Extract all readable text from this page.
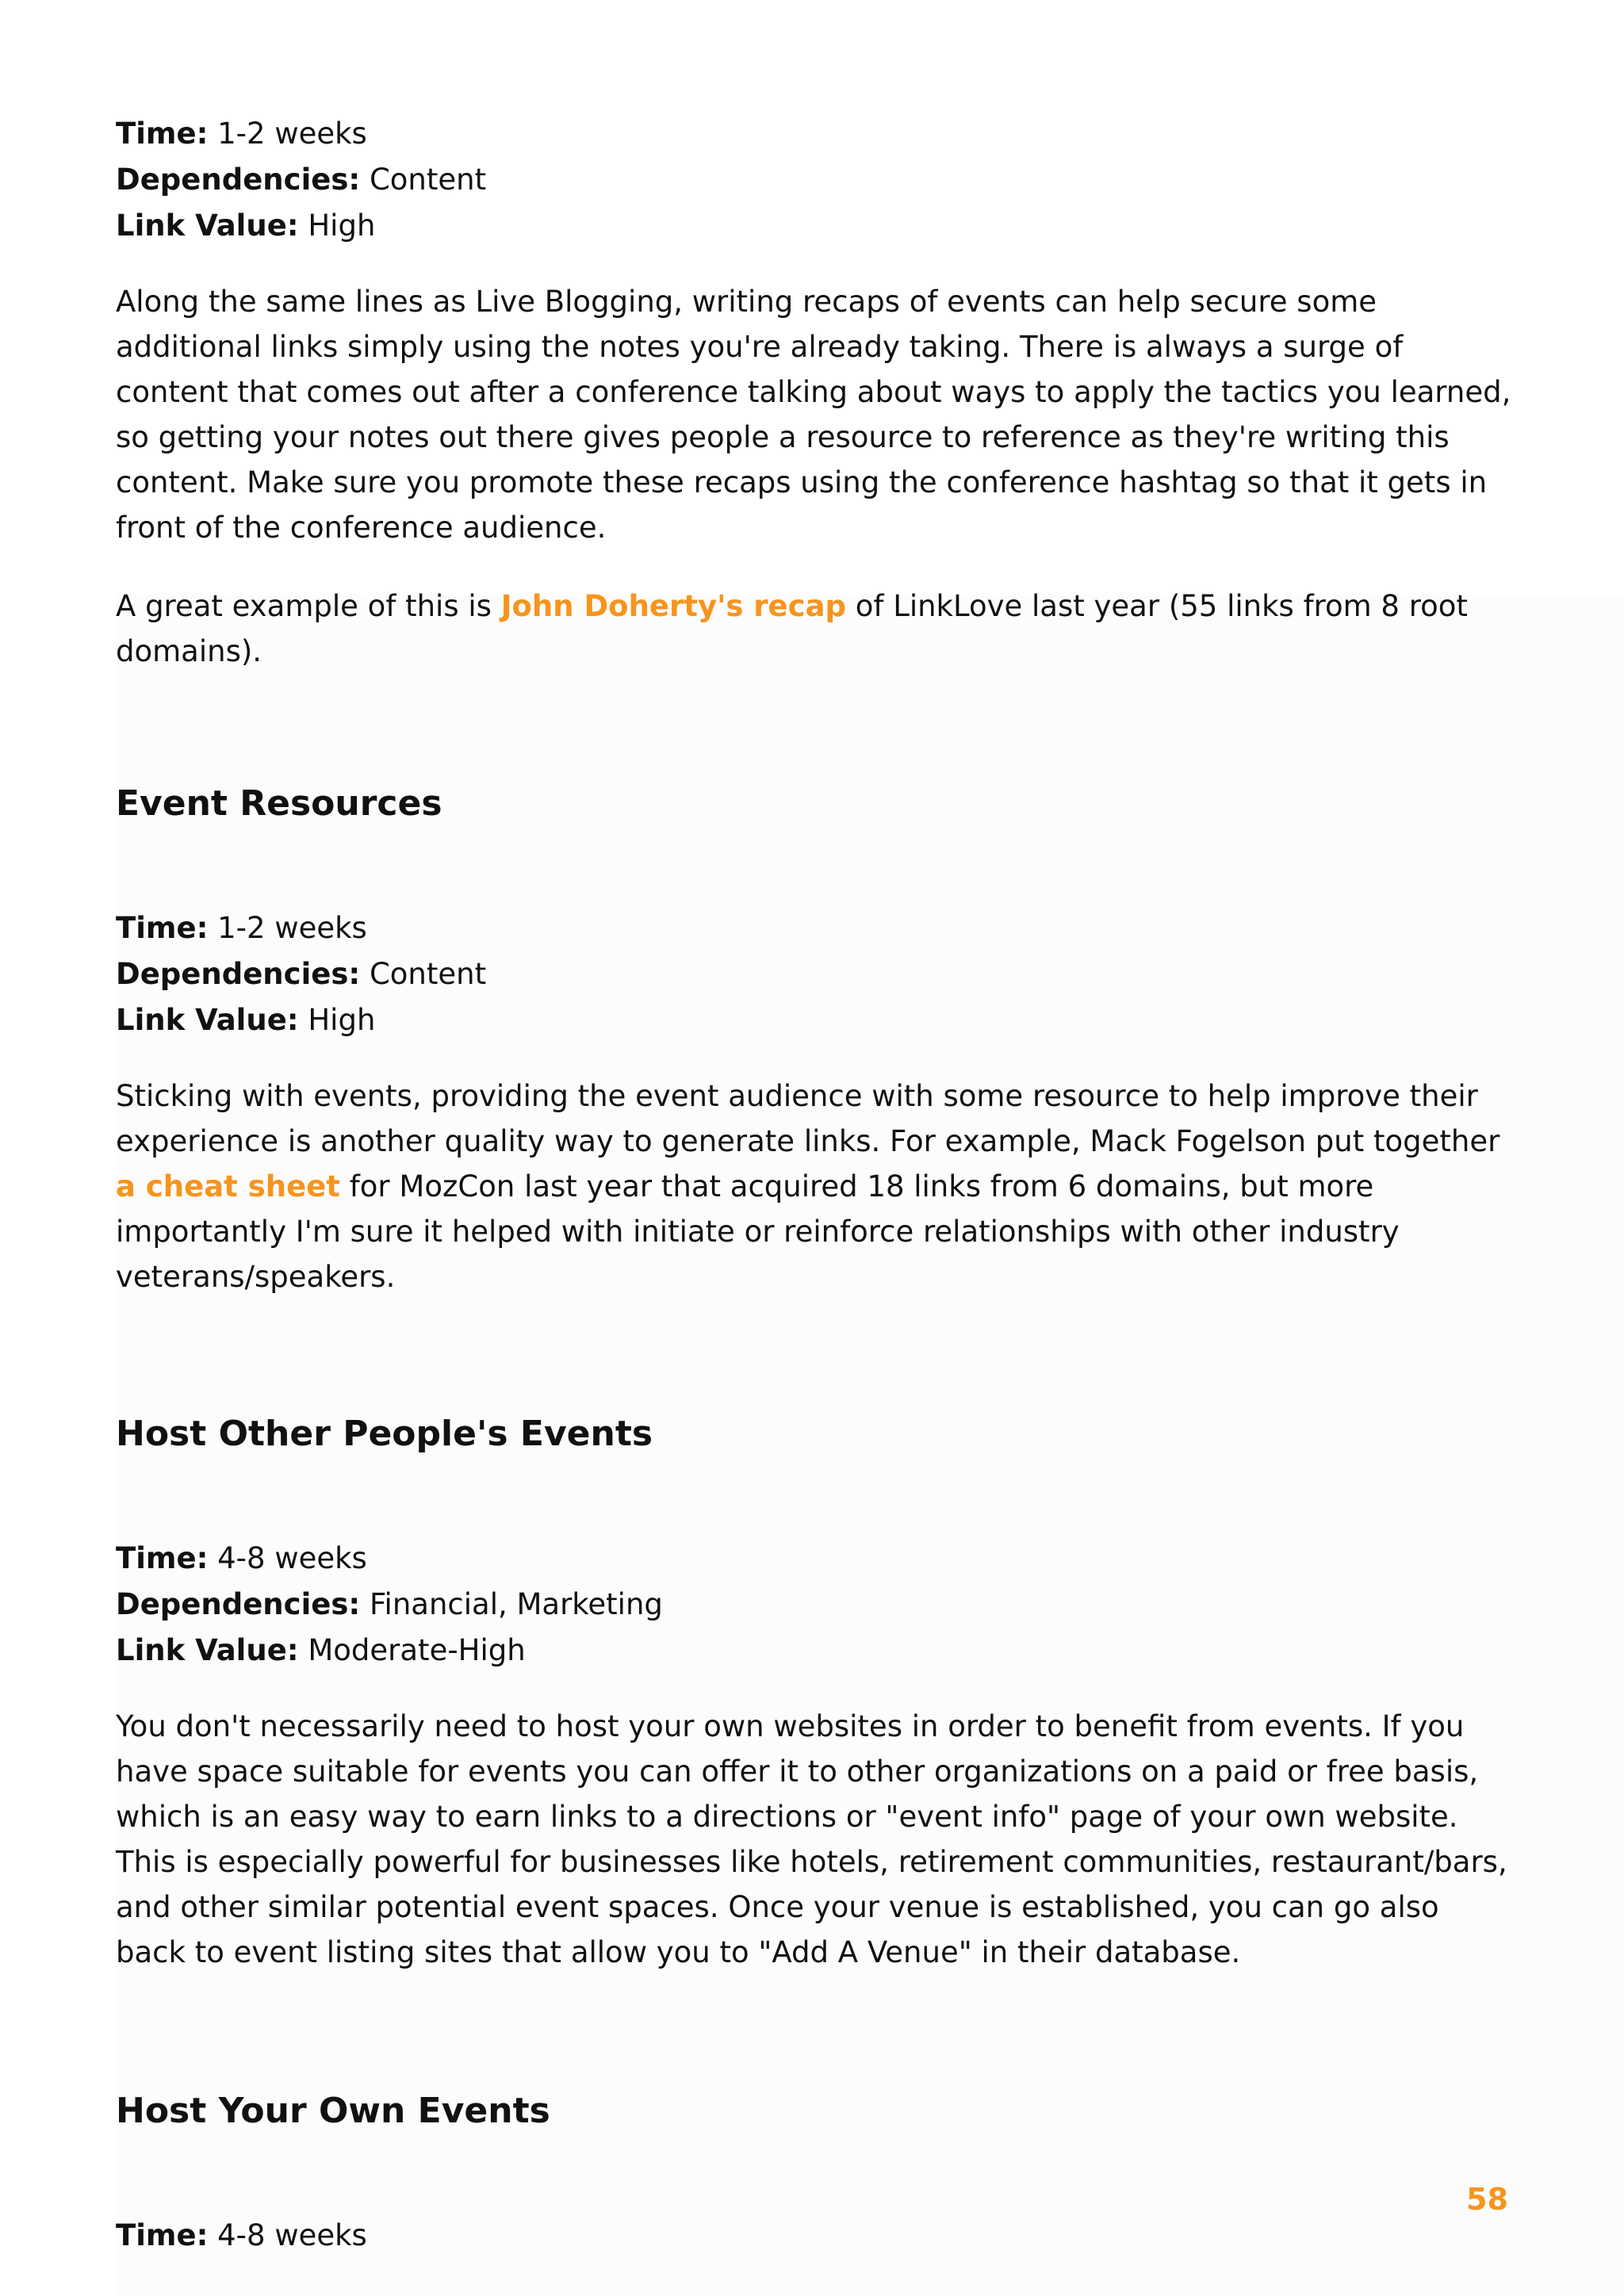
Time: 1-2 weeks

Dependencies: Content

Link Value: High

Along the same lines as Live Blogging, writing recaps of events can help secure some additional links simply using the notes you're already taking. There is always a surge of content that comes out after a conference talking about ways to apply the tactics you learned, so getting your notes out there gives people a resource to reference as they're writing this content. Make sure you promote these recaps using the conference hashtag so that it gets in front of the conference audience.

A great example of this is John Doherty's recap of LinkLove last year (55 links from 8 root domains).

Event Resources

Time: 1-2 weeks

Dependencies: Content

Link Value: High

Sticking with events, providing the event audience with some resource to help improve their experience is another quality way to generate links. For example, Mack Fogelson put together a cheat sheet for MozCon last year that acquired 18 links from 6 domains, but more importantly I'm sure it helped with initiate or reinforce relationships with other industry veterans/speakers.

Host Other People's Events

Time: 4-8 weeks

Dependencies: Financial, Marketing

Link Value: Moderate-High

You don't necessarily need to host your own websites in order to benefit from events. If you have space suitable for events you can offer it to other organizations on a paid or free basis, which is an easy way to earn links to a directions or "event info" page of your own website. This is especially powerful for businesses like hotels, retirement communities, restaurant/bars, and other similar potential event spaces. Once your venue is established, you can go also back to event listing sites that allow you to "Add A Venue" in their database.

Host Your Own Events

Time: 4-8 weeks

58
